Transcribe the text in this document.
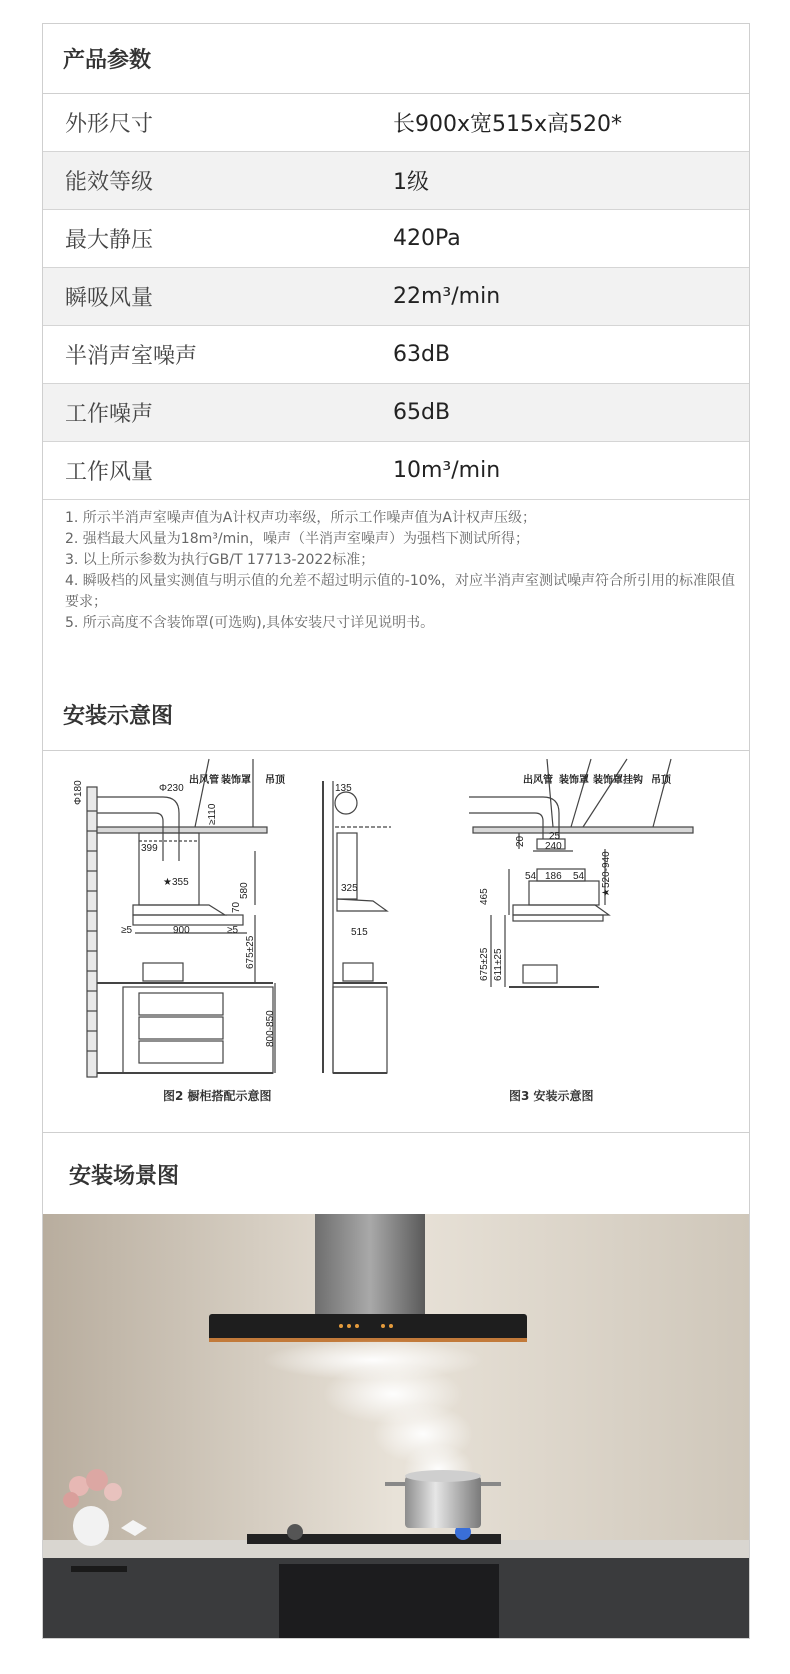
产品参数
外形尺寸	长900x宽515x高520*
能效等级	1级
最大静压	420Pa
瞬吸风量	22m³/min
半消声室噪声	63dB
工作噪声	65dB
工作风量	10m³/min

1. 所示半消声室噪声值为A计权声功率级，所示工作噪声值为A计权声压级；

2. 强档最大风量为18m³/min，噪声（半消声室噪声）为强档下测试所得；

3. 以上所示参数为执行GB/T 17713-2022标准；

4. 瞬吸档的风量实测值与明示值的允差不超过明示值的-10%，对应半消声室测试噪声符合所引用的标准限值要求；

5. 所示高度不含装饰罩(可选购),具体安装尺寸详见说明书。

安装示意图
Φ180	Φ230
出风管 装饰罩 吊顶
≥110
399
★355	580
70
≥5	900	≥5
675±25
800-850
135
325
515
出风管 装饰罩 装饰罩挂钩 吊顶
20 25
240
54 186 54 ★520-940
465
675±25 611±25
图2 橱柜搭配示意图	图3 安装示意图
安装场景图
